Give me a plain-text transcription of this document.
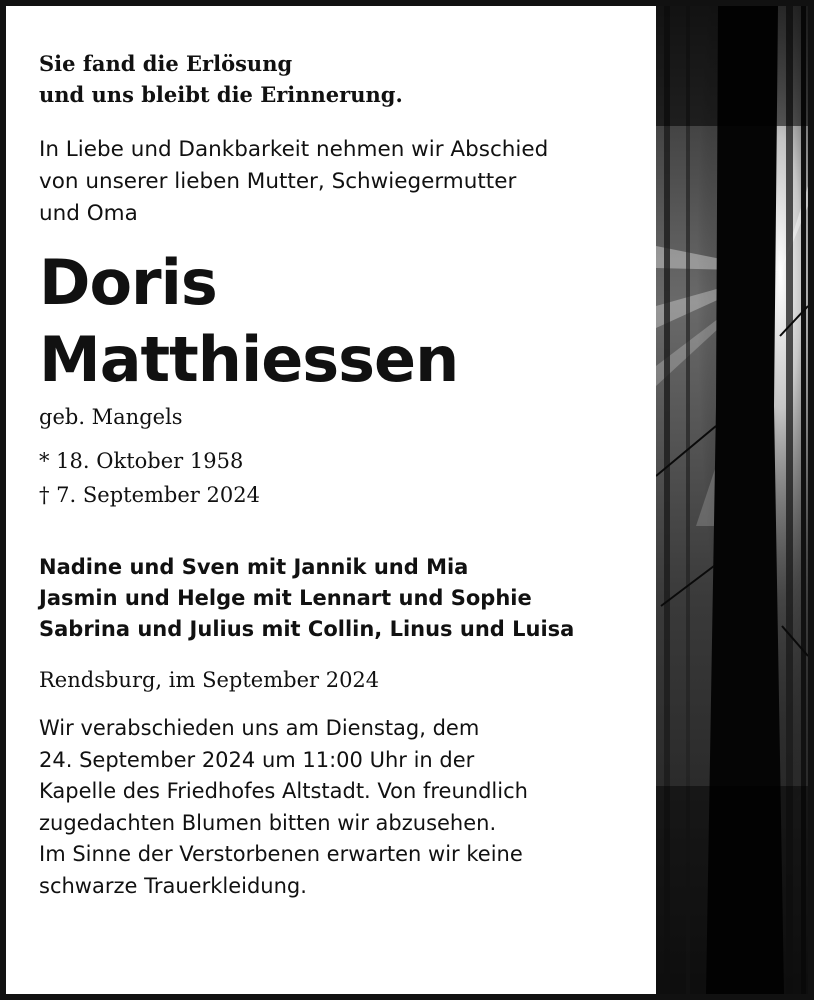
Sie fand die Erlösung
und uns bleibt die Erinnerung.
In Liebe und Dankbarkeit nehmen wir Abschied
von unserer lieben Mutter, Schwiegermutter
und Oma
Doris
Matthiessen
geb. Mangels
* 18. Oktober 1958
† 7. September 2024
Nadine und Sven mit Jannik und Mia
Jasmin und Helge mit Lennart und Sophie
Sabrina und Julius mit Collin, Linus und Luisa
Rendsburg, im September 2024
Wir verabschieden uns am Dienstag, dem
24. September 2024 um 11:00 Uhr in der
Kapelle des Friedhofes Altstadt. Von freundlich
zugedachten Blumen bitten wir abzusehen.
Im Sinne der Verstorbenen erwarten wir keine
schwarze Trauerkleidung.
